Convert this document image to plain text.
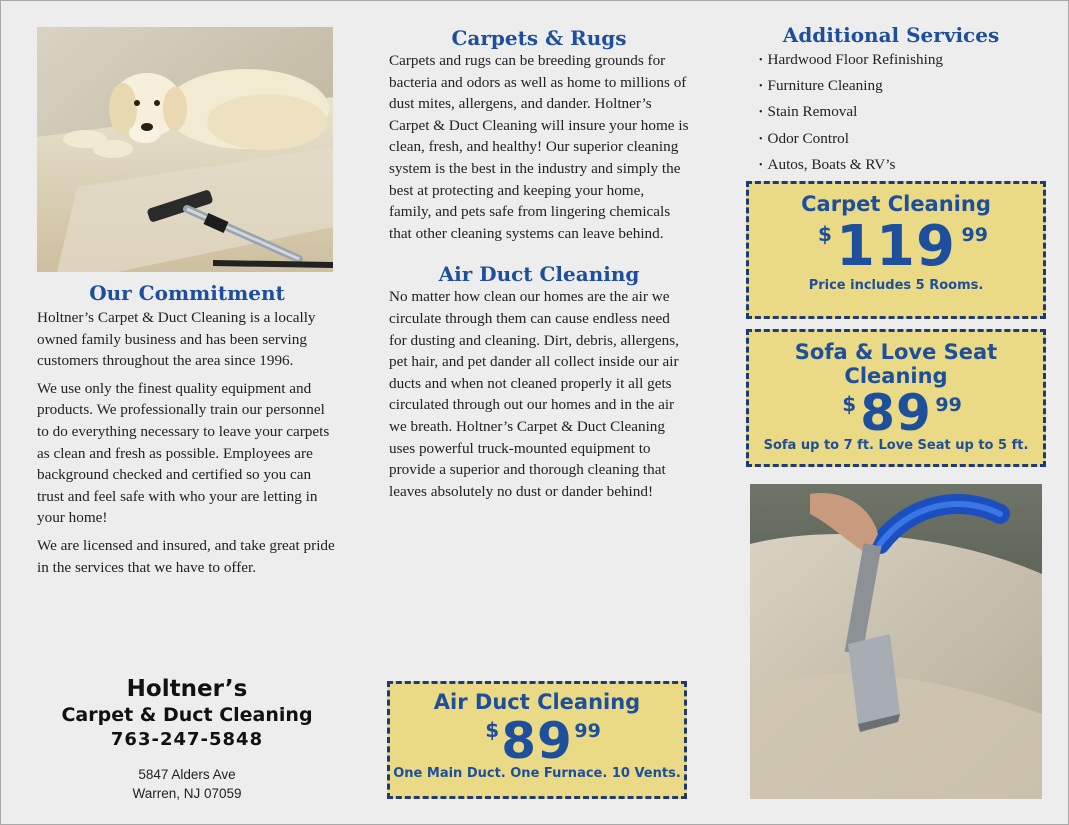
Our Commitment

Holtner’s Carpet & Duct Cleaning is a locally owned family business and has been serving customers throughout the area since 1996.

We use only the finest quality equipment and products. We professionally train our personnel to do everything necessary to leave your carpets as clean and fresh as possible. Employees are background checked and certified so you can trust and feel safe with who your are letting in your home!

We are licensed and insured, and take great pride in the services that we have to offer.

Holtner’s
Carpet & Duct Cleaning
763-247-5848
5847 Alders Ave
Warren, NJ 07059
Carpets & Rugs

Carpets and rugs can be breeding grounds for bacteria and odors as well as home to millions of dust mites, allergens, and dander. Holtner’s Carpet & Duct Cleaning will insure your home is clean, fresh, and healthy! Our superior cleaning system is the best in the industry and simply the best at protecting and keeping your home, family, and pets safe from lingering chemicals that other cleaning systems can leave behind.

Air Duct Cleaning

No matter how clean our homes are the air we circulate through them can cause endless need for dusting and cleaning. Dirt, debris, allergens, pet hair, and pet dander all collect inside our air ducts and when not cleaned properly it all gets circulated through out our homes and in the air we breath. Holtner’s Carpet & Duct Cleaning uses powerful truck-mounted equipment to provide a superior and thorough cleaning that leaves absolutely no dust or dander behind!

Air Duct Cleaning
$ 89 99
One Main Duct. One Furnace. 10 Vents.
Additional Services
• Hardwood Floor Refinishing
• Furniture Cleaning
• Stain Removal
• Odor Control
• Autos, Boats & RV’s
Carpet Cleaning
$ 119 99
Price includes 5 Rooms.
Sofa & Love Seat
Cleaning
$ 89 99
Sofa up to 7 ft. Love Seat up to 5 ft.
